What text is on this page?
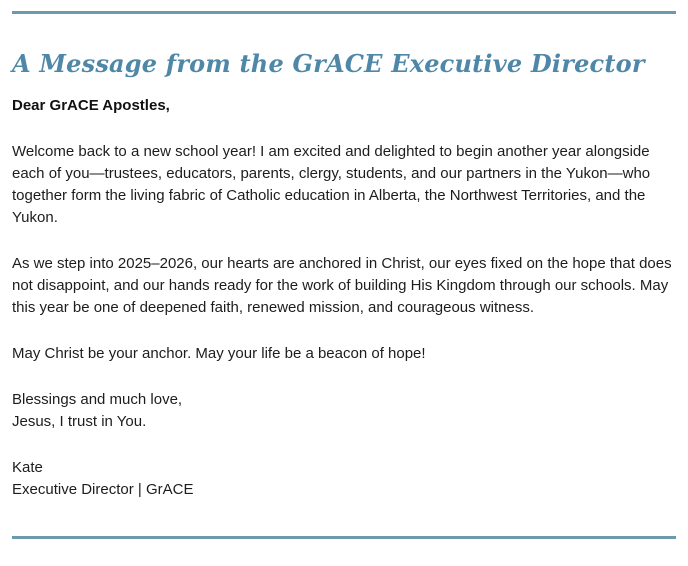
A Message from the GrACE Executive Director

Dear GrACE Apostles,

Welcome back to a new school year! I am excited and delighted to begin another year alongside each of you—trustees, educators, parents, clergy, students, and our partners in the Yukon—who together form the living fabric of Catholic education in Alberta, the Northwest Territories, and the Yukon.

As we step into 2025–2026, our hearts are anchored in Christ, our eyes fixed on the hope that does not disappoint, and our hands ready for the work of building His Kingdom through our schools. May this year be one of deepened faith, renewed mission, and courageous witness.

May Christ be your anchor. May your life be a beacon of hope!

Blessings and much love,
Jesus, I trust in You.

Kate
Executive Director | GrACE
